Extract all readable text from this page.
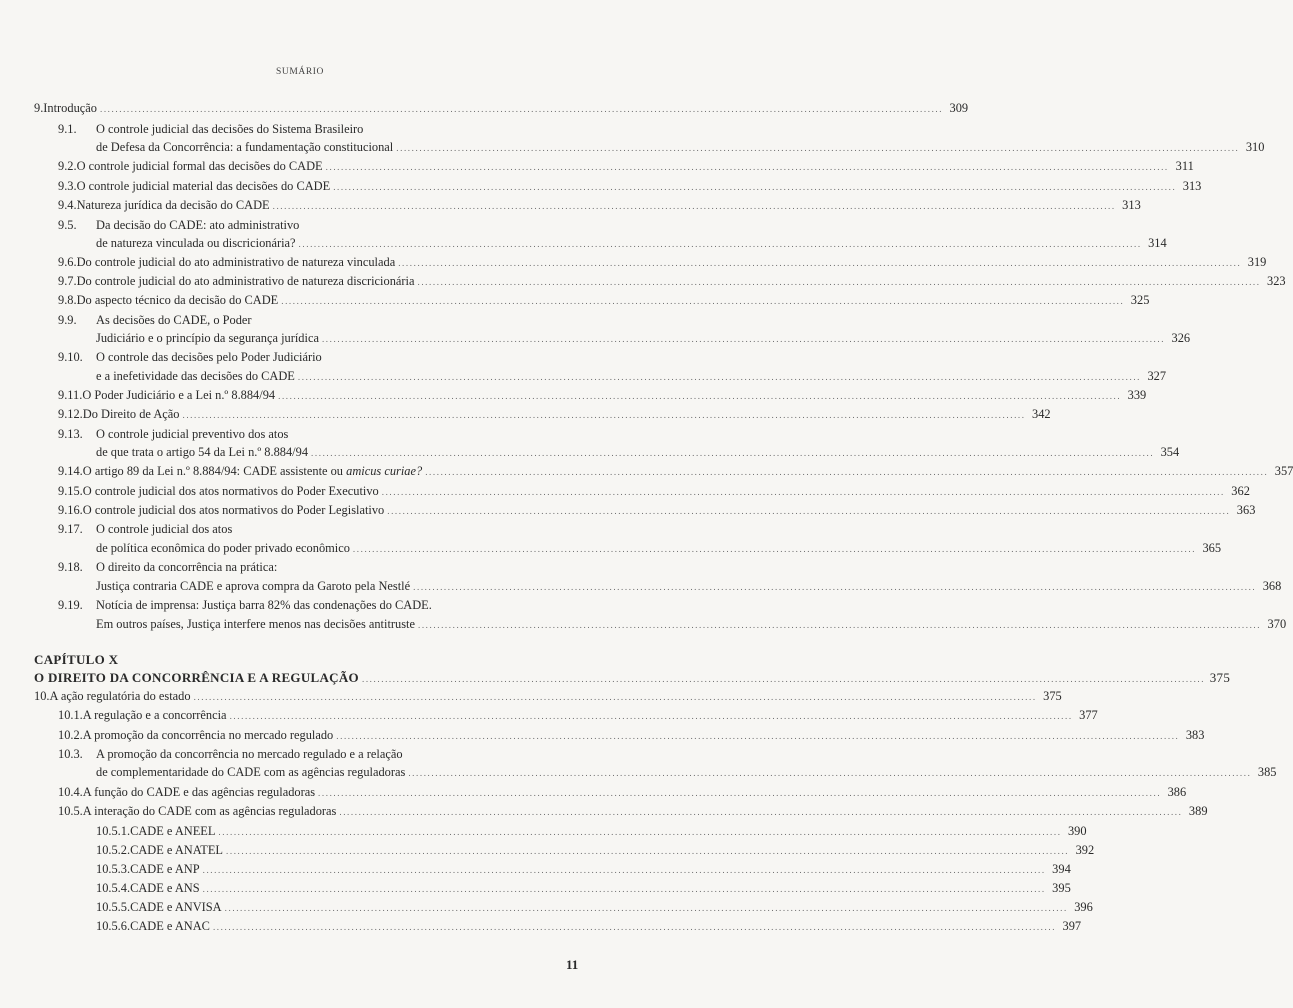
SUMÁRIO
9. Introdução .....	309
9.1.	O controle judicial das decisões do Sistema Brasileiro
de Defesa da Concorrência: a fundamentação constitucional .....	310
9.2. O controle judicial formal das decisões do CADE .....	311
9.3. O controle judicial material das decisões do CADE .....	313
9.4. Natureza jurídica da decisão do CADE .....	313
9.5.	Da decisão do CADE: ato administrativo
de natureza vinculada ou discricionária? .....	314
9.6. Do controle judicial do ato administrativo de natureza vinculada .....	319
9.7. Do controle judicial do ato administrativo de natureza discricionária .....	323
9.8. Do aspecto técnico da decisão do CADE .....	325
9.9.	As decisões do CADE, o Poder
Judiciário e o princípio da segurança jurídica .....	326
9.10.	O controle das decisões pelo Poder Judiciário
e a inefetividade das decisões do CADE .....	327
9.11. O Poder Judiciário e a Lei n.º 8.884/94 .....	339
9.12. Do Direito de Ação .....	342
9.13.	O controle judicial preventivo dos atos
de que trata o artigo 54 da Lei n.º 8.884/94 .....	354
9.14. O artigo 89 da Lei n.º 8.884/94: CADE assistente ou amicus curiae? .....	357
9.15. O controle judicial dos atos normativos do Poder Executivo .....	362
9.16. O controle judicial dos atos normativos do Poder Legislativo .....	363
9.17.	O controle judicial dos atos
de política econômica do poder privado econômico .....	365
9.18.	O direito da concorrência na prática:
Justiça contraria CADE e aprova compra da Garoto pela Nestlé .....	368
9.19.	Notícia de imprensa: Justiça barra 82% das condenações do CADE.
Em outros países, Justiça interfere menos nas decisões antitruste .....	370
CAPÍTULO X
O DIREITO DA CONCORRÊNCIA E A REGULAÇÃO .....	375
10. A ação regulatória do estado .....	375
10.1. A regulação e a concorrência .....	377
10.2. A promoção da concorrência no mercado regulado .....	383
10.3.	A promoção da concorrência no mercado regulado e a relação
de complementaridade do CADE com as agências reguladoras .....	385
10.4. A função do CADE e das agências reguladoras .....	386
10.5. A interação do CADE com as agências reguladoras .....	389
10.5.1. CADE e ANEEL .....	390
10.5.2. CADE e ANATEL .....	392
10.5.3. CADE e ANP .....	394
10.5.4. CADE e ANS .....	395
10.5.5. CADE e ANVISA .....	396
10.5.6. CADE e ANAC .....	397
11
